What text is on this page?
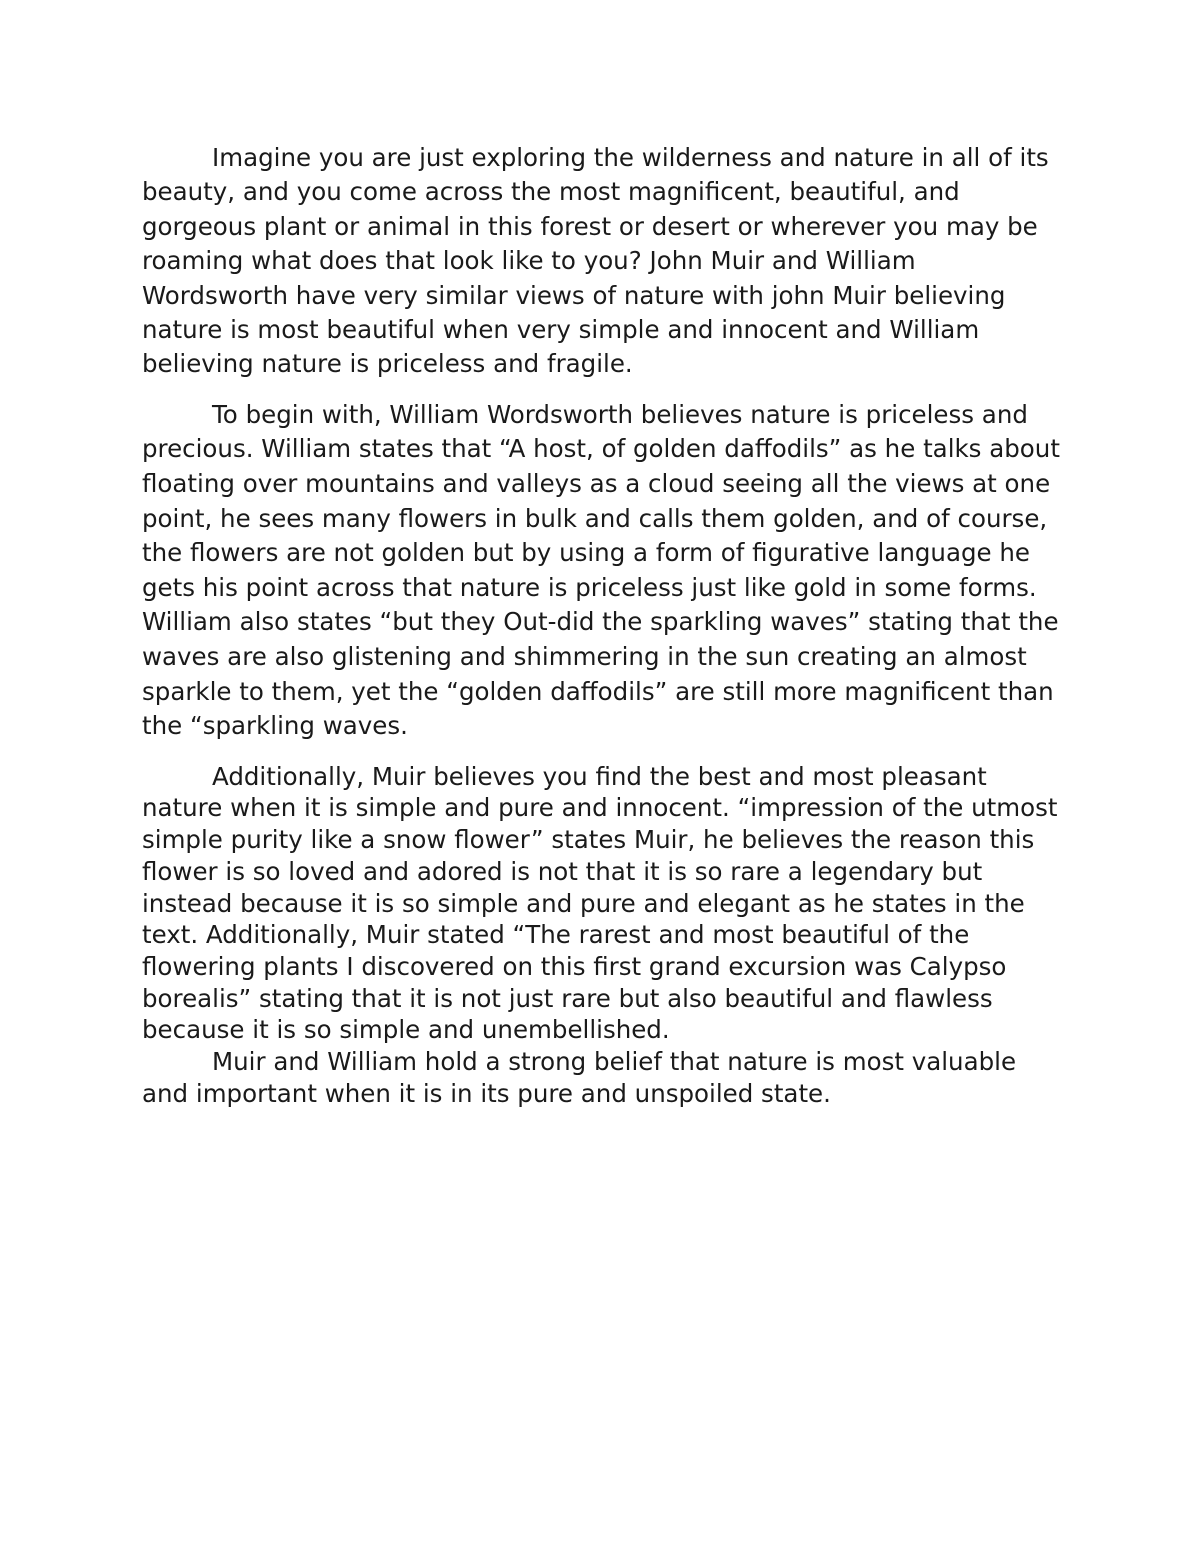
Imagine you are just exploring the wilderness and nature in all of its beauty, and you come across the most magnificent, beautiful, and gorgeous plant or animal in this forest or desert or wherever you may be roaming what does that look like to you? John Muir and William Wordsworth have very similar views of nature with john Muir believing nature is most beautiful when very simple and innocent and William believing nature is priceless and fragile.

To begin with, William Wordsworth believes nature is priceless and precious. William states that “A host, of golden daffodils” as he talks about floating over mountains and valleys as a cloud seeing all the views at one point, he sees many flowers in bulk and calls them golden, and of course, the flowers are not golden but by using a form of figurative language he gets his point across that nature is priceless just like gold in some forms. William also states “but they Out-did the sparkling waves” stating that the waves are also glistening and shimmering in the sun creating an almost sparkle to them, yet the “golden daffodils” are still more magnificent than the “sparkling waves.

Additionally, Muir believes you find the best and most pleasant nature when it is simple and pure and innocent. “impression of the utmost simple purity like a snow flower” states Muir, he believes the reason this flower is so loved and adored is not that it is so rare a legendary but instead because it is so simple and pure and elegant as he states in the text. Additionally, Muir stated “The rarest and most beautiful of the flowering plants I discovered on this first grand excursion was Calypso borealis” stating that it is not just rare but also beautiful and flawless because it is so simple and unembellished.

Muir and William hold a strong belief that nature is most valuable and important when it is in its pure and unspoiled state.
